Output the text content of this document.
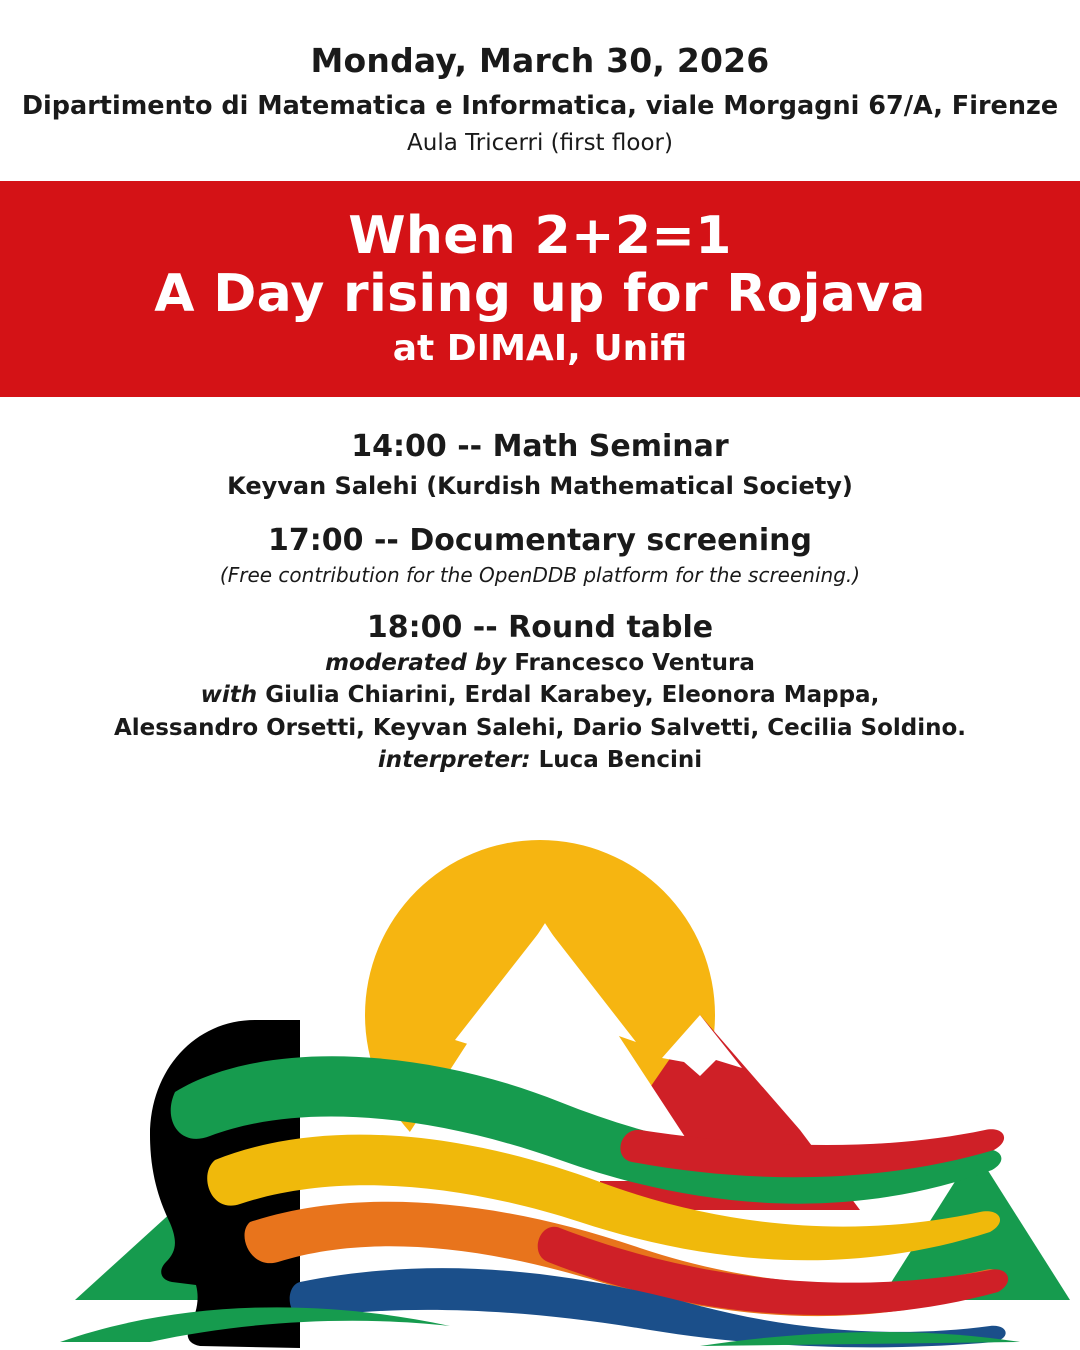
Monday, March 30, 2026
Dipartimento di Matematica e Informatica, viale Morgagni 67/A, Firenze
Aula Tricerri (first floor)
When 2+2=1
A Day rising up for Rojava
at DIMAI, Unifi
14:00 -- Math Seminar
Keyvan Salehi (Kurdish Mathematical Society)
17:00 -- Documentary screening
(Free contribution for the OpenDDB platform for the screening.)
18:00 -- Round table
moderated by Francesco Ventura
with Giulia Chiarini, Erdal Karabey, Eleonora Mappa,
Alessandro Orsetti, Keyvan Salehi, Dario Salvetti, Cecilia Soldino.
interpreter: Luca Bencini
